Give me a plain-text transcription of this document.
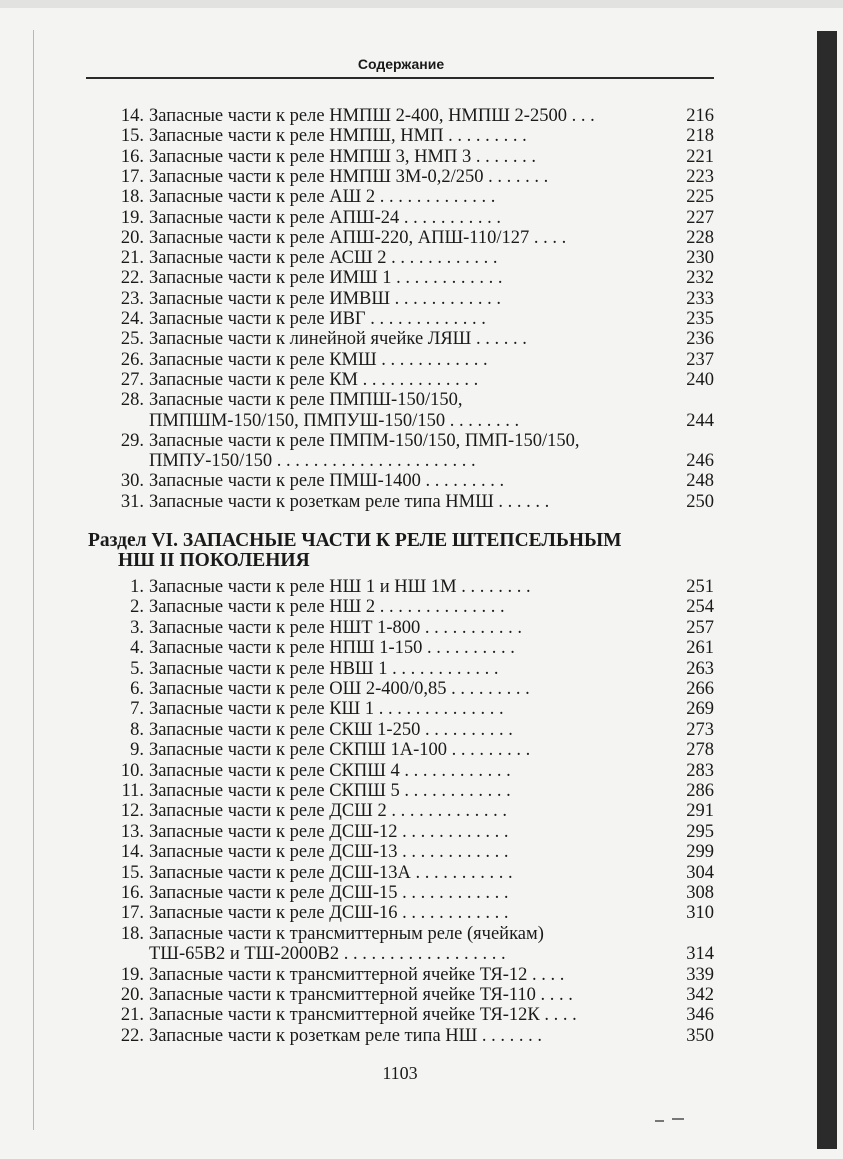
Содержание
Раздел VI. ЗАПАСНЫЕ ЧАСТИ К РЕЛЕ ШТЕПСЕЛЬНЫМ
НШ II ПОКОЛЕНИЯ
14. Запасные части к реле НМПШ 2-400, НМПШ 2-2500 . . .	216
15. Запасные части к реле НМПШ, НМП . . . . . . . . .	218
16. Запасные части к реле НМПШ 3, НМП 3 . . . . . . .	221
17. Запасные части к реле НМПШ 3М-0,2/250 . . . . . . .	223
18. Запасные части к реле АШ 2 . . . . . . . . . . . . .	225
19. Запасные части к реле АПШ-24 . . . . . . . . . . .	227
20. Запасные части к реле АПШ-220, АПШ-110/127 . . . .	228
21. Запасные части к реле АСШ 2 . . . . . . . . . . . .	230
22. Запасные части к реле ИМШ 1 . . . . . . . . . . . .	232
23. Запасные части к реле ИМВШ . . . . . . . . . . . .	233
24. Запасные части к реле ИВГ . . . . . . . . . . . . .	235
25. Запасные части к линейной ячейке ЛЯШ . . . . . .	236
26. Запасные части к реле КМШ . . . . . . . . . . . .	237
27. Запасные части к реле КМ . . . . . . . . . . . . .	240
28. Запасные части к реле ПМПШ-150/150,
ПМПШМ-150/150, ПМПУШ-150/150 . . . . . . . .	244
29. Запасные части к реле ПМПМ-150/150, ПМП-150/150,
ПМПУ-150/150 . . . . . . . . . . . . . . . . . . . . . .	246
30. Запасные части к реле ПМШ-1400 . . . . . . . . .	248
31. Запасные части к розеткам реле типа НМШ . . . . . .	250
1. Запасные части к реле НШ 1 и НШ 1М . . . . . . . .	251
2. Запасные части к реле НШ 2 . . . . . . . . . . . . . .	254
3. Запасные части к реле НШТ 1-800 . . . . . . . . . . .	257
4. Запасные части к реле НПШ 1-150 . . . . . . . . . .	261
5. Запасные части к реле НВШ 1 . . . . . . . . . . . .	263
6. Запасные части к реле ОШ 2-400/0,85 . . . . . . . . .	266
7. Запасные части к реле КШ 1 . . . . . . . . . . . . . .	269
8. Запасные части к реле СКШ 1-250 . . . . . . . . . .	273
9. Запасные части к реле СКПШ 1А-100 . . . . . . . . .	278
10. Запасные части к реле СКПШ 4 . . . . . . . . . . . .	283
11. Запасные части к реле СКПШ 5 . . . . . . . . . . . .	286
12. Запасные части к реле ДСШ 2 . . . . . . . . . . . . .	291
13. Запасные части к реле ДСШ-12 . . . . . . . . . . . .	295
14. Запасные части к реле ДСШ-13 . . . . . . . . . . . .	299
15. Запасные части к реле ДСШ-13А . . . . . . . . . . .	304
16. Запасные части к реле ДСШ-15 . . . . . . . . . . . .	308
17. Запасные части к реле ДСШ-16 . . . . . . . . . . . .	310
18. Запасные части к трансмиттерным реле (ячейкам)
ТШ-65В2 и ТШ-2000В2 . . . . . . . . . . . . . . . . . .	314
19. Запасные части к трансмиттерной ячейке ТЯ-12 . . . .	339
20. Запасные части к трансмиттерной ячейке ТЯ-110 . . . .	342
21. Запасные части к трансмиттерной ячейке ТЯ-12К . . . .	346
22. Запасные части к розеткам реле типа НШ . . . . . . .	350
1103
